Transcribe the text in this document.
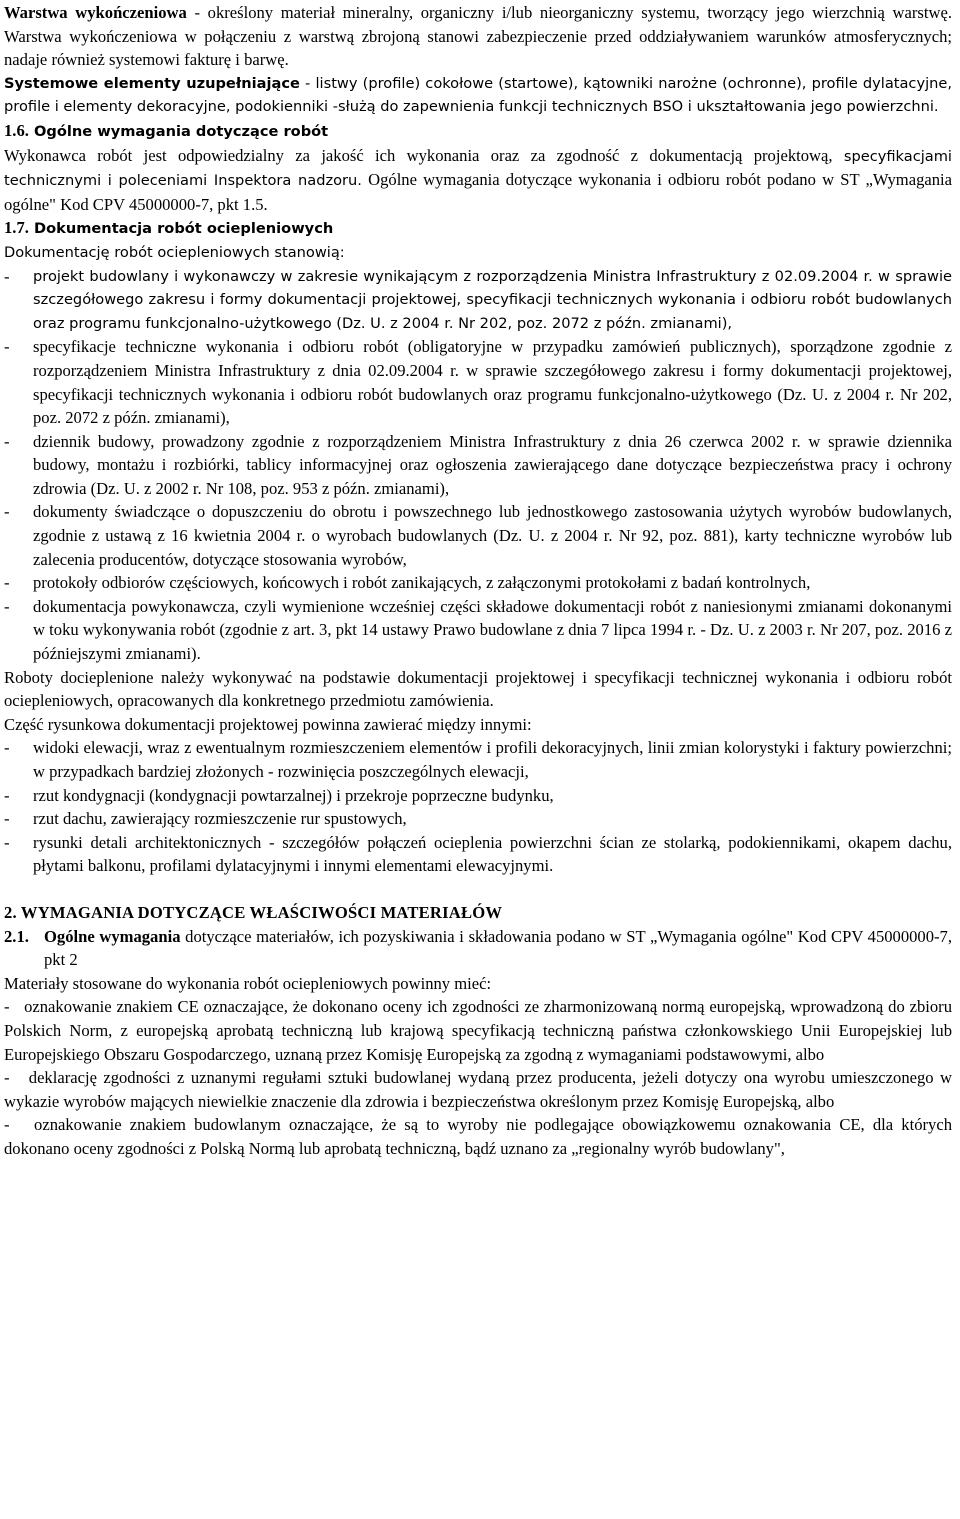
Warstwa wykończeniowa - określony materiał mineralny, organiczny i/lub nieorganiczny systemu, tworzący jego wierzchnią warstwę. Warstwa wykończeniowa w połączeniu z warstwą zbrojoną stanowi zabezpieczenie przed oddziaływaniem warunków atmosferycznych; nadaje również systemowi fakturę i barwę.

Systemowe elementy uzupełniające - listwy (profile) cokołowe (startowe), kątowniki narożne (ochronne), profile dylatacyjne, profile i elementy dekoracyjne, podokienniki -służą do zapewnienia funkcji technicznych BSO i ukształtowania jego powierzchni.

1.6. Ogólne wymagania dotyczące robót

Wykonawca robót jest odpowiedzialny za jakość ich wykonania oraz za zgodność z dokumentacją projektową, specyfikacjami technicznymi i poleceniami Inspektora nadzoru. Ogólne wymagania dotyczące wykonania i odbioru robót podano w ST „Wymagania ogólne" Kod CPV 45000000-7, pkt 1.5.

1.7. Dokumentacja robót ociepleniowych

Dokumentację robót ociepleniowych stanowią:

-	projekt budowlany i wykonawczy w zakresie wynikającym z rozporządzenia Ministra Infrastruktury z 02.09.2004 r. w sprawie szczegółowego zakresu i formy dokumentacji projektowej, specyfikacji technicznych wykonania i odbioru robót budowlanych oraz programu funkcjonalno-użytkowego (Dz. U. z 2004 r. Nr 202, poz. 2072 z późn. zmianami),
-	specyfikacje techniczne wykonania i odbioru robót (obligatoryjne w przypadku zamówień publicznych), sporządzone zgodnie z rozporządzeniem Ministra Infrastruktury z dnia 02.09.2004 r. w sprawie szczegółowego zakresu i formy dokumentacji projektowej, specyfikacji technicznych wykonania i odbioru robót budowlanych oraz programu funkcjonalno-użytkowego (Dz. U. z 2004 r. Nr 202, poz. 2072 z późn. zmianami),
-	dziennik budowy, prowadzony zgodnie z rozporządzeniem Ministra Infrastruktury z dnia 26 czerwca 2002 r. w sprawie dziennika budowy, montażu i rozbiórki, tablicy informacyjnej oraz ogłoszenia zawierającego dane dotyczące bezpieczeństwa pracy i ochrony zdrowia (Dz. U. z 2002 r. Nr 108, poz. 953 z późn. zmianami),
-	dokumenty świadczące o dopuszczeniu do obrotu i powszechnego lub jednostkowego zastosowania użytych wyrobów budowlanych, zgodnie z ustawą z 16 kwietnia 2004 r. o wyrobach budowlanych (Dz. U. z 2004 r. Nr 92, poz. 881), karty techniczne wyrobów lub zalecenia producentów, dotyczące stosowania wyrobów,
-	protokoły odbiorów częściowych, końcowych i robót zanikających, z załączonymi protokołami z badań kontrolnych,
-	dokumentacja powykonawcza, czyli wymienione wcześniej części składowe dokumentacji robót z naniesionymi zmianami dokonanymi w toku wykonywania robót (zgodnie z art. 3, pkt 14 ustawy Prawo budowlane z dnia 7 lipca 1994 r. - Dz. U. z 2003 r. Nr 207, poz. 2016 z późniejszymi zmianami).

Roboty docieplenione należy wykonywać na podstawie dokumentacji projektowej i specyfikacji technicznej wykonania i odbioru robót ociepleniowych, opracowanych dla konkretnego przedmiotu zamówienia.

Część rysunkowa dokumentacji projektowej powinna zawierać między innymi:

-	widoki elewacji, wraz z ewentualnym rozmieszczeniem elementów i profili dekoracyjnych, linii zmian kolorystyki i faktury powierzchni; w przypadkach bardziej złożonych - rozwinięcia poszczególnych elewacji,
-	rzut kondygnacji (kondygnacji powtarzalnej) i przekroje poprzeczne budynku,
-	rzut dachu, zawierający rozmieszczenie rur spustowych,
-	rysunki detali architektonicznych - szczegółów połączeń ocieplenia powierzchni ścian ze stolarką, podokiennikami, okapem dachu, płytami balkonu, profilami dylatacyjnymi i innymi elementami elewacyjnymi.

2. WYMAGANIA DOTYCZĄCE WŁAŚCIWOŚCI MATERIAŁÓW

2.1. Ogólne wymagania dotyczące materiałów, ich pozyskiwania i składowania podano w ST „Wymagania ogólne" Kod CPV 45000000-7, pkt 2

Materiały stosowane do wykonania robót ociepleniowych powinny mieć:

- oznakowanie znakiem CE oznaczające, że dokonano oceny ich zgodności ze zharmonizowaną normą europejską, wprowadzoną do zbioru Polskich Norm, z europejską aprobatą techniczną lub krajową specyfikacją techniczną państwa członkowskiego Unii Europejskiej lub Europejskiego Obszaru Gospodarczego, uznaną przez Komisję Europejską za zgodną z wymaganiami podstawowymi, albo

- deklarację zgodności z uznanymi regułami sztuki budowlanej wydaną przez producenta, jeżeli dotyczy ona wyrobu umieszczonego w wykazie wyrobów mających niewielkie znaczenie dla zdrowia i bezpieczeństwa określonym przez Komisję Europejską, albo

- oznakowanie znakiem budowlanym oznaczające, że są to wyroby nie podlegające obowiązkowemu oznakowania CE, dla których dokonano oceny zgodności z Polską Normą lub aprobatą techniczną, bądź uznano za „regionalny wyrób budowlany",
